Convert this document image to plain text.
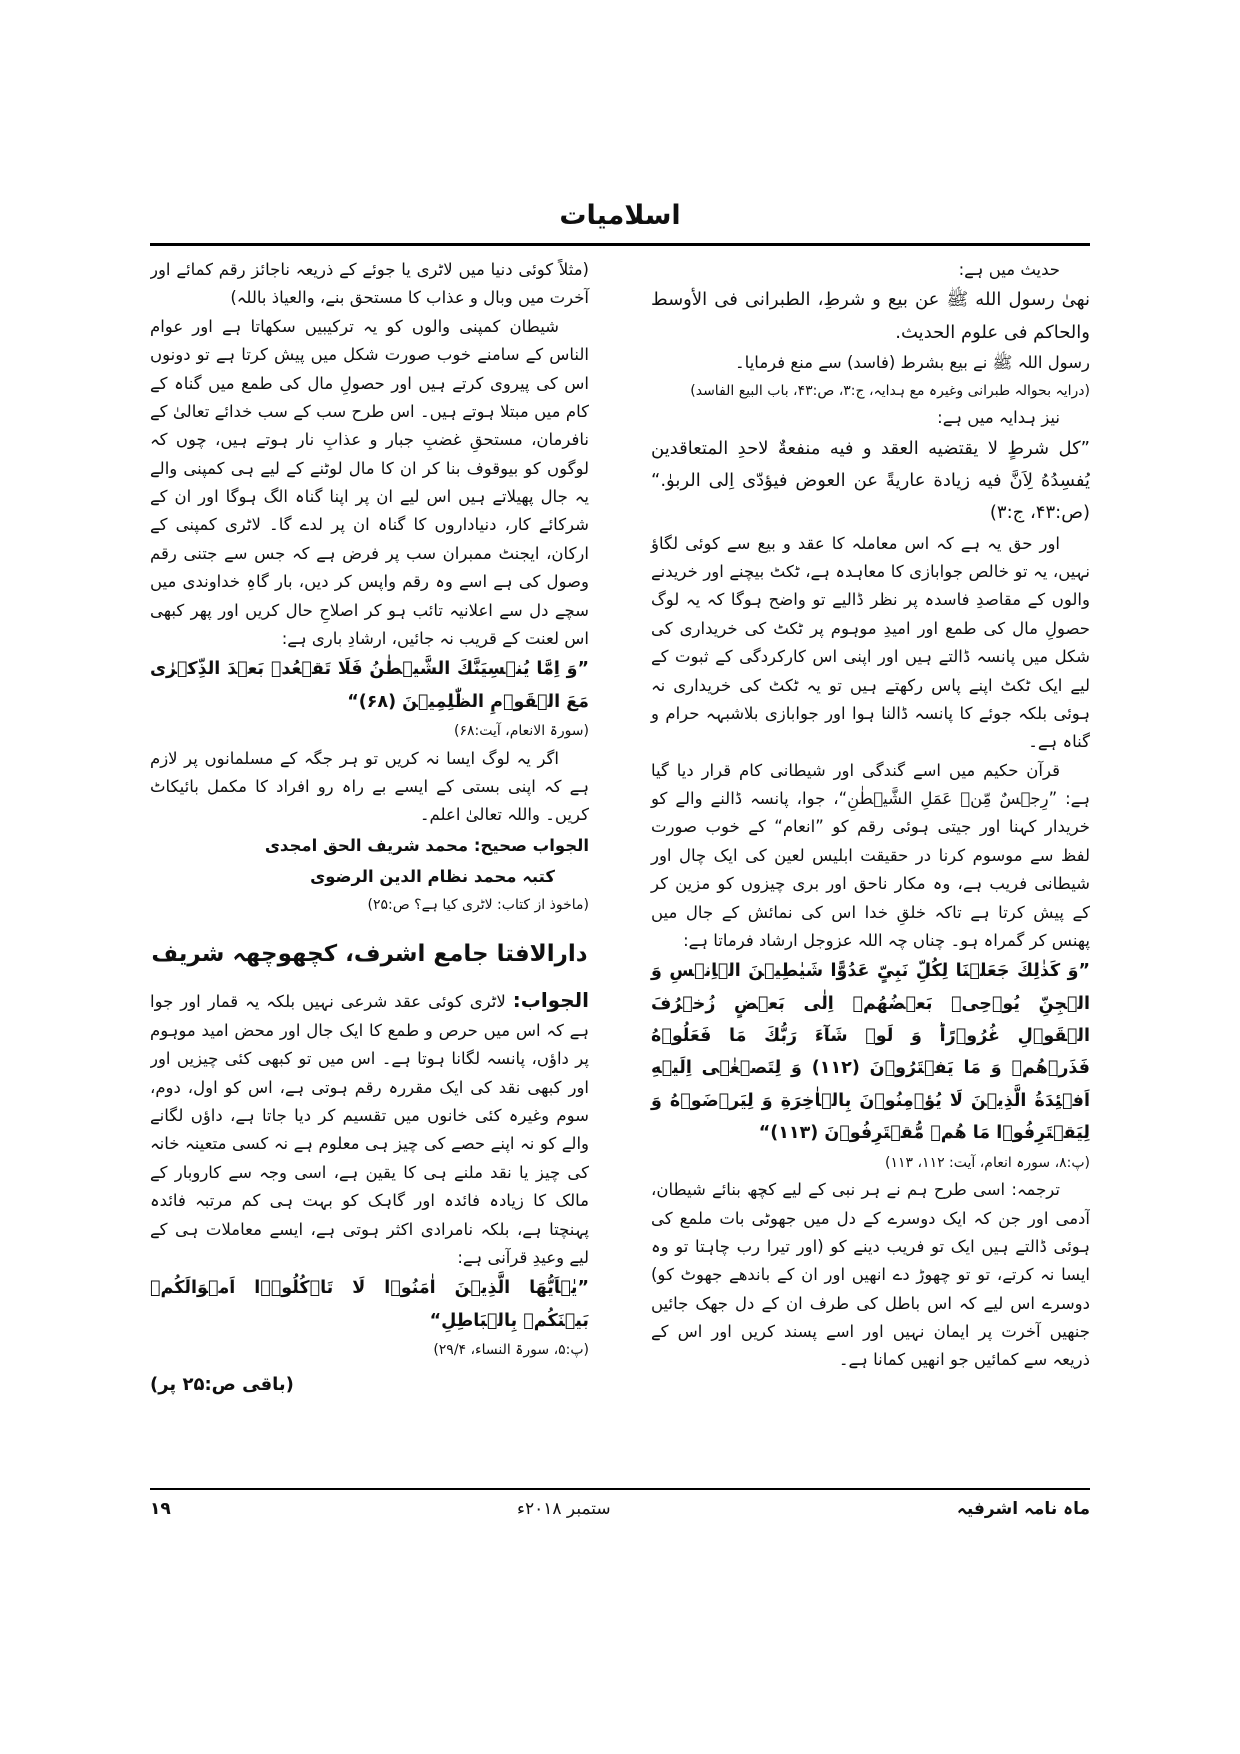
اسلامیات

حدیث میں ہے:

نهیٰ رسول الله ﷺ عن بیع و شرطِ، الطبرانی فی الأوسط والحاکم فی علوم الحدیث.

رسول اللہ ﷺ نے بیع بشرط (فاسد) سے منع فرمایا۔

(درایہ بحوالہ طبرانی وغیرہ مع ہدایہ، ج:۳، ص:۴۳، باب البیع الفاسد)

نیز ہدایہ میں ہے:

”کل شرطٍ لا یقتضیه العقد و فیه منفعةٌ لاحدِ المتعاقدین یُفسِدُهُ لِاَنَّ فیه زیادة عاریةً عن العوض فیؤدّی اِلی الربوٰ.“ (ص:۴۳، ج:۳)

اور حق یہ ہے کہ اس معاملہ کا عقد و بیع سے کوئی لگاؤ نہیں، یہ تو خالص جوابازی کا معاہدہ ہے، ٹکٹ بیچنے اور خریدنے والوں کے مقاصدِ فاسدہ پر نظر ڈالیے تو واضح ہوگا کہ یہ لوگ حصولِ مال کی طمع اور امیدِ موہوم پر ٹکٹ کی خریداری کی شکل میں پانسہ ڈالتے ہیں اور اپنی اس کارکردگی کے ثبوت کے لیے ایک ٹکٹ اپنے پاس رکھتے ہیں تو یہ ٹکٹ کی خریداری نہ ہوئی بلکہ جوئے کا پانسہ ڈالنا ہوا اور جوابازی بلاشبہہ حرام و گناہ ہے۔

قرآن حکیم میں اسے گندگی اور شیطانی کام قرار دیا گیا ہے: ”رِجۡسٌ مِّنۡ عَمَلِ الشَّیۡطٰنِ“، جوا، پانسہ ڈالنے والے کو خریدار کہنا اور جیتی ہوئی رقم کو ”انعام“ کے خوب صورت لفظ سے موسوم کرنا در حقیقت ابلیس لعین کی ایک چال اور شیطانی فریب ہے، وہ مکار ناحق اور بری چیزوں کو مزین کر کے پیش کرتا ہے تاکہ خلقِ خدا اس کی نمائش کے جال میں پھنس کر گمراہ ہو۔ چناں چہ اللہ عزوجل ارشاد فرماتا ہے:

”وَ کَذٰلِكَ جَعَلۡنَا لِکُلِّ نَبِیٍّ عَدُوًّا شَیٰطِیۡنَ الۡاِنۡسِ وَ الۡجِنِّ یُوۡحِیۡ بَعۡضُهُمۡ اِلٰی بَعۡضٍ زُخۡرُفَ الۡقَوۡلِ غُرُوۡرًاؕ وَ لَوۡ شَآءَ رَبُّكَ مَا فَعَلُوۡهُ فَذَرۡهُمۡ وَ مَا یَفۡتَرُوۡنَ (۱۱۲) وَ لِتَصۡغٰۤی اِلَیۡهِ اَفۡئِدَةُ الَّذِیۡنَ لَا یُؤۡمِنُوۡنَ بِالۡاٰخِرَةِ وَ لِیَرۡضَوۡهُ وَ لِیَقۡتَرِفُوۡا مَا هُمۡ مُّقۡتَرِفُوۡنَ (۱۱۳)“

(پ:۸، سورہ انعام، آیت: ۱۱۲، ۱۱۳)

ترجمہ: اسی طرح ہم نے ہر نبی کے لیے کچھ بنائے شیطان، آدمی اور جن کہ ایک دوسرے کے دل میں جھوٹی بات ملمع کی ہوئی ڈالتے ہیں ایک تو فریب دینے کو (اور تیرا رب چاہتا تو وہ ایسا نہ کرتے، تو تو چھوڑ دے انھیں اور ان کے باندھے جھوٹ کو) دوسرے اس لیے کہ اس باطل کی طرف ان کے دل جھک جائیں جنھیں آخرت پر ایمان نہیں اور اسے پسند کریں اور اس کے ذریعہ سے کمائیں جو انھیں کمانا ہے۔

(مثلاً کوئی دنیا میں لاٹری یا جوئے کے ذریعہ ناجائز رقم کمائے اور آخرت میں وبال و عذاب کا مستحق بنے، والعیاذ باللہ)

شیطان کمپنی والوں کو یہ ترکیبیں سکھاتا ہے اور عوام الناس کے سامنے خوب صورت شکل میں پیش کرتا ہے تو دونوں اس کی پیروی کرتے ہیں اور حصولِ مال کی طمع میں گناہ کے کام میں مبتلا ہوتے ہیں۔ اس طرح سب کے سب خدائے تعالیٰ کے نافرمان، مستحقِ غضبِ جبار و عذابِ نار ہوتے ہیں، چوں کہ لوگوں کو بیوقوف بنا کر ان کا مال لوٹنے کے لیے ہی کمپنی والے یہ جال پھیلاتے ہیں اس لیے ان پر اپنا گناہ الگ ہوگا اور ان کے شرکائے کار، دنیاداروں کا گناہ ان پر لدے گا۔ لاٹری کمپنی کے ارکان، ایجنٹ ممبران سب پر فرض ہے کہ جس سے جتنی رقم وصول کی ہے اسے وہ رقم واپس کر دیں، بار گاہِ خداوندی میں سچے دل سے اعلانیہ تائب ہو کر اصلاحِ حال کریں اور پھر کبھی اس لعنت کے قریب نہ جائیں، ارشادِ باری ہے:

”وَ اِمَّا یُنۡسِیَنَّكَ الشَّیۡطٰنُ فَلَا تَقۡعُدۡ بَعۡدَ الذِّکۡرٰی مَعَ الۡقَوۡمِ الظّٰلِمِیۡنَ (۶۸)“

(سورۃ الانعام، آیت:۶۸)

اگر یہ لوگ ایسا نہ کریں تو ہر جگہ کے مسلمانوں پر لازم ہے کہ اپنی بستی کے ایسے بے راہ رو افراد کا مکمل بائیکاٹ کریں۔ واللہ تعالیٰ اعلم۔

الجواب صحیح: محمد شریف الحق امجدی

کتبہ محمد نظام الدین الرضوی

(ماخوذ از کتاب: لاٹری کیا ہے؟ ص:۲۵)

دارالافتا جامع اشرف، کچھوچھہ شریف

الجواب: لاٹری کوئی عقد شرعی نہیں بلکہ یہ قمار اور جوا ہے کہ اس میں حرص و طمع کا ایک جال اور محض امید موہوم پر داؤں، پانسہ لگانا ہوتا ہے۔ اس میں تو کبھی کئی چیزیں اور اور کبھی نقد کی ایک مقررہ رقم ہوتی ہے، اس کو اول، دوم، سوم وغیرہ کئی خانوں میں تقسیم کر دیا جاتا ہے، داؤں لگانے والے کو نہ اپنے حصے کی چیز ہی معلوم ہے نہ کسی متعینہ خانہ کی چیز یا نقد ملنے ہی کا یقین ہے، اسی وجہ سے کاروبار کے مالک کا زیادہ فائدہ اور گاہک کو بہت ہی کم مرتبہ فائدہ پہنچتا ہے، بلکہ نامرادی اکثر ہوتی ہے، ایسے معاملات ہی کے لیے وعیدِ قرآنی ہے:

”یٰۤاَیُّهَا الَّذِیۡنَ اٰمَنُوۡا لَا تَاۡکُلُوۡۤا اَمۡوَالَکُمۡ بَیۡنَکُمۡ بِالۡبَاطِلِ“

(پ:۵، سورۃ النساء، ۲۹/۴)

(باقی ص:۲۵ پر)

ماہ نامہ اشرفیہ
ستمبر ۲۰۱۸ء
۱۹
